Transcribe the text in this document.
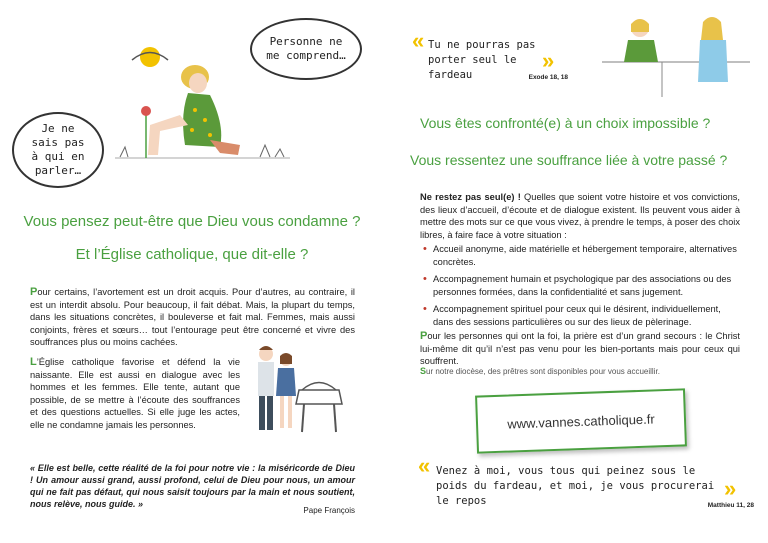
Je ne sais pas à qui en parler…
Personne ne me comprend…
Vous pensez peut-être que Dieu vous condamne ?
Et l’Église catholique, que dit-elle ?
Pour certains, l’avortement est un droit acquis. Pour d’autres, au contraire, il est un interdit absolu. Pour beaucoup, il fait débat. Mais, la plupart du temps, dans les situations concrètes, il bouleverse et fait mal. Femmes, mais aussi conjoints, frères et sœurs… tout l’entourage peut être concerné et vivre des souffrances plus ou moins cachées.
L’Église catholique favorise et défend la vie naissante. Elle est aussi en dialogue avec les hommes et les femmes. Elle tente, autant que possible, de se mettre à l’écoute des souffrances et des questions actuelles. Si elle juge les actes, elle ne condamne jamais les personnes.
« Elle est belle, cette réalité de la foi pour notre vie : la miséricorde de Dieu ! Un amour aussi grand, aussi profond, celui de Dieu pour nous, un amour qui ne fait pas défaut, qui nous saisit toujours par la main et nous soutient, nous relève, nous guide. »
Pape François
« Tu ne pourras pas porter seul le fardeau
»
Exode 18, 18
Vous êtes confronté(e) à un choix impossible ?
Vous ressentez une souffrance liée à votre passé ?
Ne restez pas seul(e) ! Quelles que soient votre histoire et vos convictions, des lieux d’accueil, d’écoute et de dialogue existent. Ils peuvent vous aider à mettre des mots sur ce que vous vivez, à prendre le temps, à poser des choix libres, à faire face à votre situation :
• Accueil anonyme, aide matérielle et hébergement temporaire, alternatives concrètes.
• Accompagnement humain et psychologique par des associations ou des personnes formées, dans la confidentialité et sans jugement.
• Accompagnement spirituel pour ceux qui le désirent, individuellement, dans des sessions particulières ou sur des lieux de pèlerinage.
Pour les personnes qui ont la foi, la prière est d’un grand secours : le Christ lui-même dit qu’il n’est pas venu pour les bien-portants mais pour ceux qui souffrent.
Sur notre diocèse, des prêtres sont disponibles pour vous accueillir.
www.vannes.catholique.fr
« Venez à moi, vous tous qui peinez sous le poids du fardeau, et moi, je vous procurerai le repos	»
Matthieu 11, 28
